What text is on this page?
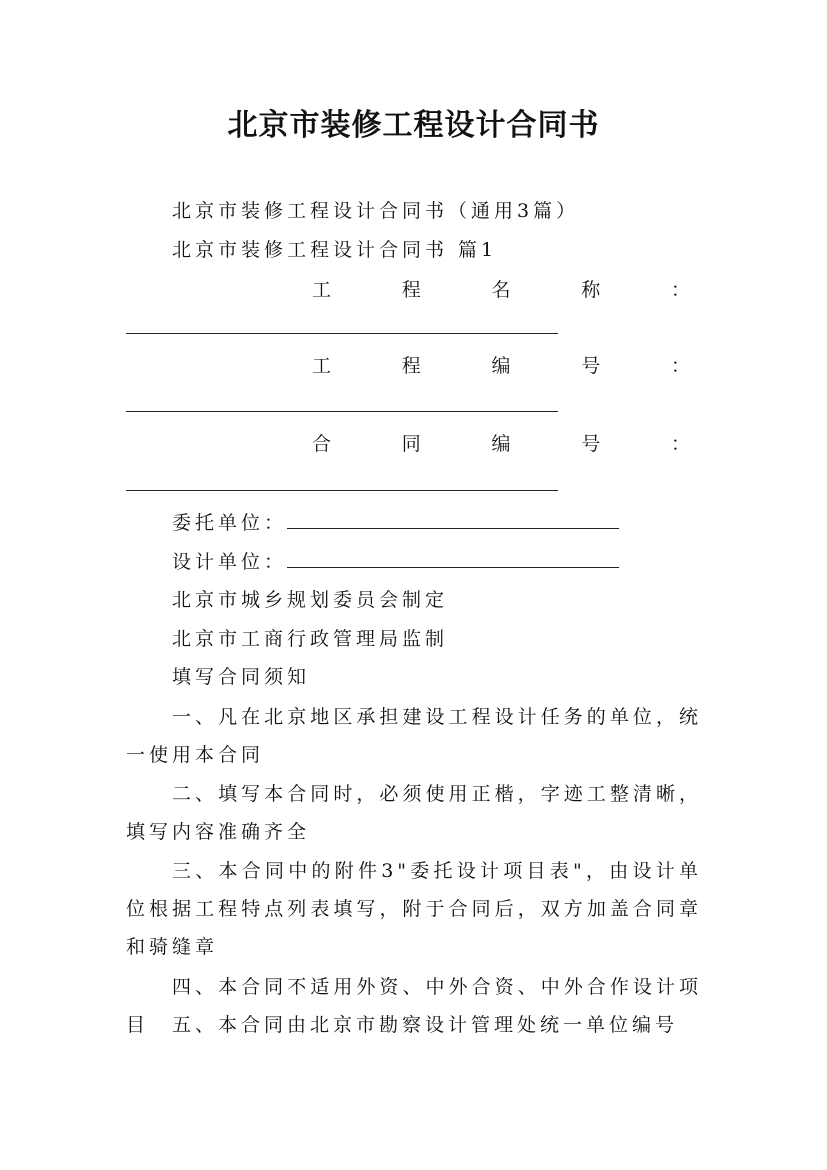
北京市装修工程设计合同书
北京市装修工程设计合同书（通用3篇）
北京市装修工程设计合同书 篇1
工	程	名	称	：
工	程	编	号	：
合	同	编	号	：
委托单位：
设计单位：
北京市城乡规划委员会制定
北京市工商行政管理局监制
填写合同须知
一、凡在北京地区承担建设工程设计任务的单位，统一使用本合同
二、填写本合同时，必须使用正楷，字迹工整清晰，填写内容准确齐全
三、本合同中的附件3"委托设计项目表"，由设计单位根据工程特点列表填写，附于合同后，双方加盖合同章和骑缝章
四、本合同不适用外资、中外合资、中外合作设计项目	五、本合同由北京市勘察设计管理处统一单位编号
